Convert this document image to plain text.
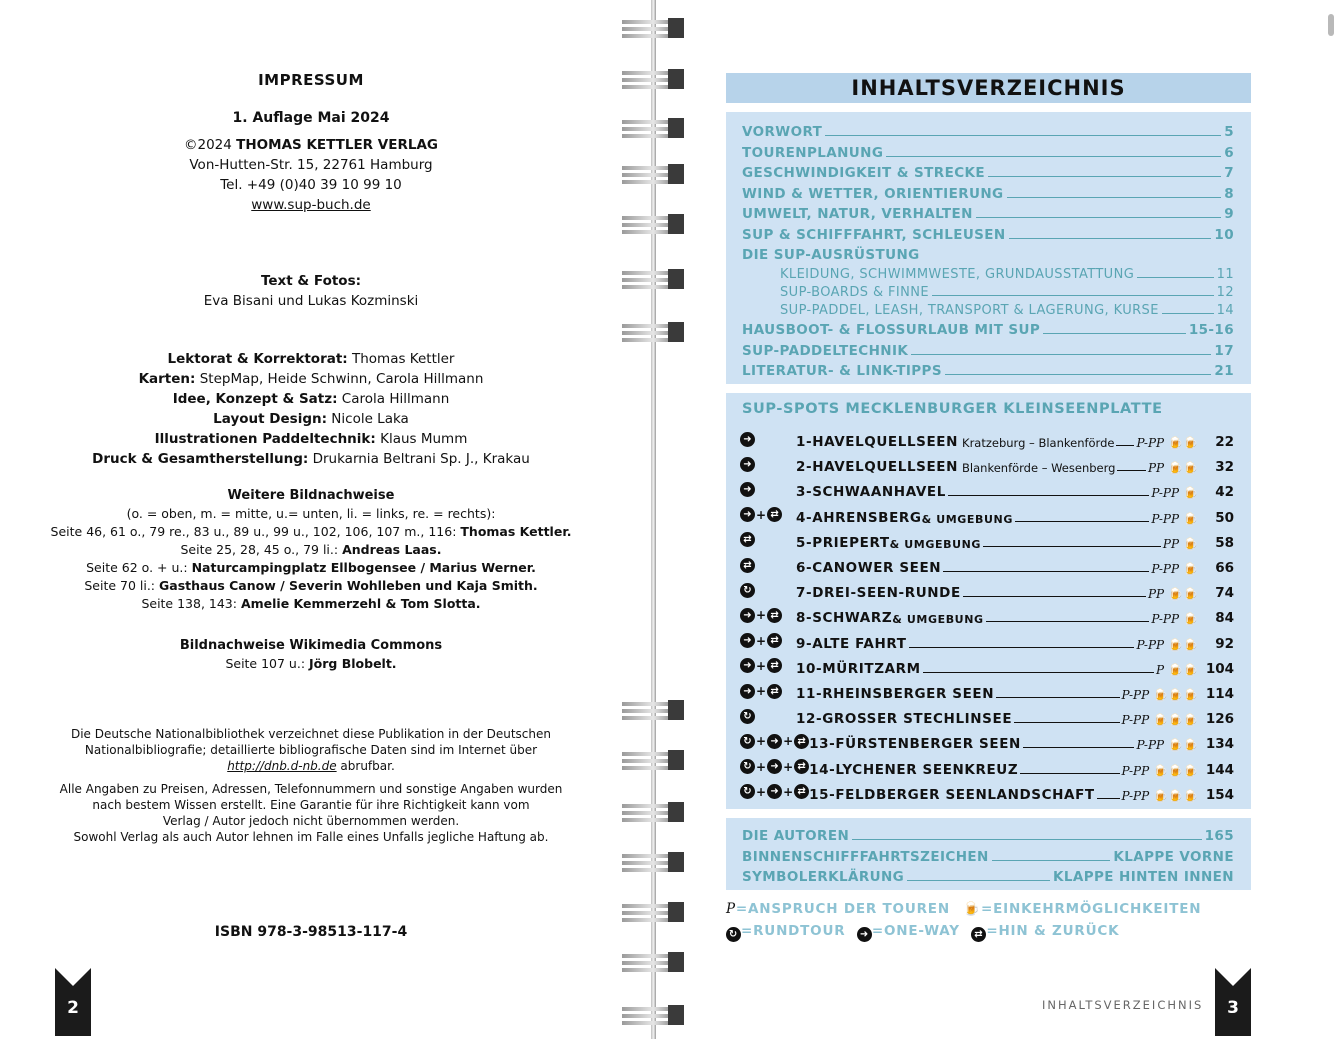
IMPRESSUM
1. Auflage Mai 2024
©2024 THOMAS KETTLER VERLAG
Von-Hutten-Str. 15, 22761 Hamburg
Tel. +49 (0)40 39 10 99 10
www.sup-buch.de
Text & Fotos:
Eva Bisani und Lukas Kozminski
Lektorat & Korrektorat: Thomas Kettler
Karten: StepMap, Heide Schwinn, Carola Hillmann
Idee, Konzept & Satz: Carola Hillmann
Layout Design: Nicole Laka
Illustrationen Paddeltechnik: Klaus Mumm
Druck & Gesamtherstellung: Drukarnia Beltrani Sp. J., Krakau
Weitere Bildnachweise
(o. = oben, m. = mitte, u.= unten, li. = links, re. = rechts):
Seite 46, 61 o., 79 re., 83 u., 89 u., 99 u., 102, 106, 107 m., 116: Thomas Kettler.
Seite 25, 28, 45 o., 79 li.: Andreas Laas.
Seite 62 o. + u.: Naturcampingplatz Ellbogensee / Marius Werner.
Seite 70 li.: Gasthaus Canow / Severin Wohlleben und Kaja Smith.
Seite 138, 143: Amelie Kemmerzehl & Tom Slotta.
Bildnachweise Wikimedia Commons
Seite 107 u.: Jörg Blobelt.
Die Deutsche Nationalbibliothek verzeichnet diese Publikation in der Deutschen
Nationalbibliografie; detaillierte bibliografische Daten sind im Internet über
http://dnb.d-nb.de abrufbar.
Alle Angaben zu Preisen, Adressen, Telefonnummern und sonstige Angaben wurden
nach bestem Wissen erstellt. Eine Garantie für ihre Richtigkeit kann vom
Verlag / Autor jedoch nicht übernommen werden.
Sowohl Verlag als auch Autor lehnen im Falle eines Unfalls jegliche Haftung ab.
ISBN 978-3-98513-117-4
2
INHALTSVERZEICHNIS
VORWORT	5
TOURENPLANUNG	6
GESCHWINDIGKEIT & STRECKE	7
WIND & WETTER, ORIENTIERUNG	8
UMWELT, NATUR, VERHALTEN	9
SUP & SCHIFFFAHRT, SCHLEUSEN	10
DIE SUP-AUSRÜSTUNG
KLEIDUNG, SCHWIMMWESTE, GRUNDAUSSTATTUNG	11
SUP-BOARDS & FINNE	12
SUP-PADDEL, LEASH, TRANSPORT & LAGERUNG, KURSE	14
HAUSBOOT- & FLOSSURLAUB MIT SUP	15-16
SUP-PADDELTECHNIK	17
LITERATUR- & LINK-TIPPS	21
SUP-SPOTS MECKLENBURGER KLEINSEENPLATTE
➜	1-HAVELQUELLSEEN Kratzeburg – Blankenförde P-PP 🍺🍺	22
➜	2-HAVELQUELLSEEN Blankenförde – Wesenberg	PP 🍺🍺	32
➜	3-SCHWAANHAVEL	P-PP 🍺	42
➜ + ⇄ 4-AHRENSBERG & UMGEBUNG	P-PP 🍺	50
⇄	5-PRIEPERT & UMGEBUNG	PP 🍺	58
⇄	6-CANOWER SEEN	P-PP 🍺	66
↻	7-DREI-SEEN-RUNDE	PP 🍺🍺	74
➜ + ⇄ 8-SCHWARZ & UMGEBUNG	P-PP 🍺	84
➜ + ⇄ 9-ALTE FAHRT	P-PP 🍺🍺	92
➜ + ⇄ 10-MÜRITZARM	P 🍺🍺 104
➜ + ⇄ 11-RHEINSBERGER SEEN	P-PP 🍺🍺🍺 114
↻	12-GROSSER STECHLINSEE	P-PP 🍺🍺🍺 126
↻ + ➜ + ⇄ 13-FÜRSTENBERGER SEEN	P-PP 🍺🍺 134
↻ + ➜ + ⇄ 14-LYCHENER SEENKREUZ	P-PP 🍺🍺🍺 144
↻ + ➜ + ⇄ 15-FELDBERGER SEENLANDSCHAFT P-PP 🍺🍺🍺 154
DIE AUTOREN	165
BINNENSCHIFFFAHRTSZEICHEN	KLAPPE VORNE
SYMBOLERKLÄRUNG	KLAPPE HINTEN INNEN
P=ANSPRUCH DER TOUREN 🍺=EINKEHRMÖGLICHKEITEN
↻ =RUNDTOUR ➜ =ONE-WAY ⇄ =HIN & ZURÜCK
INHALTSVERZEICHNIS	3
